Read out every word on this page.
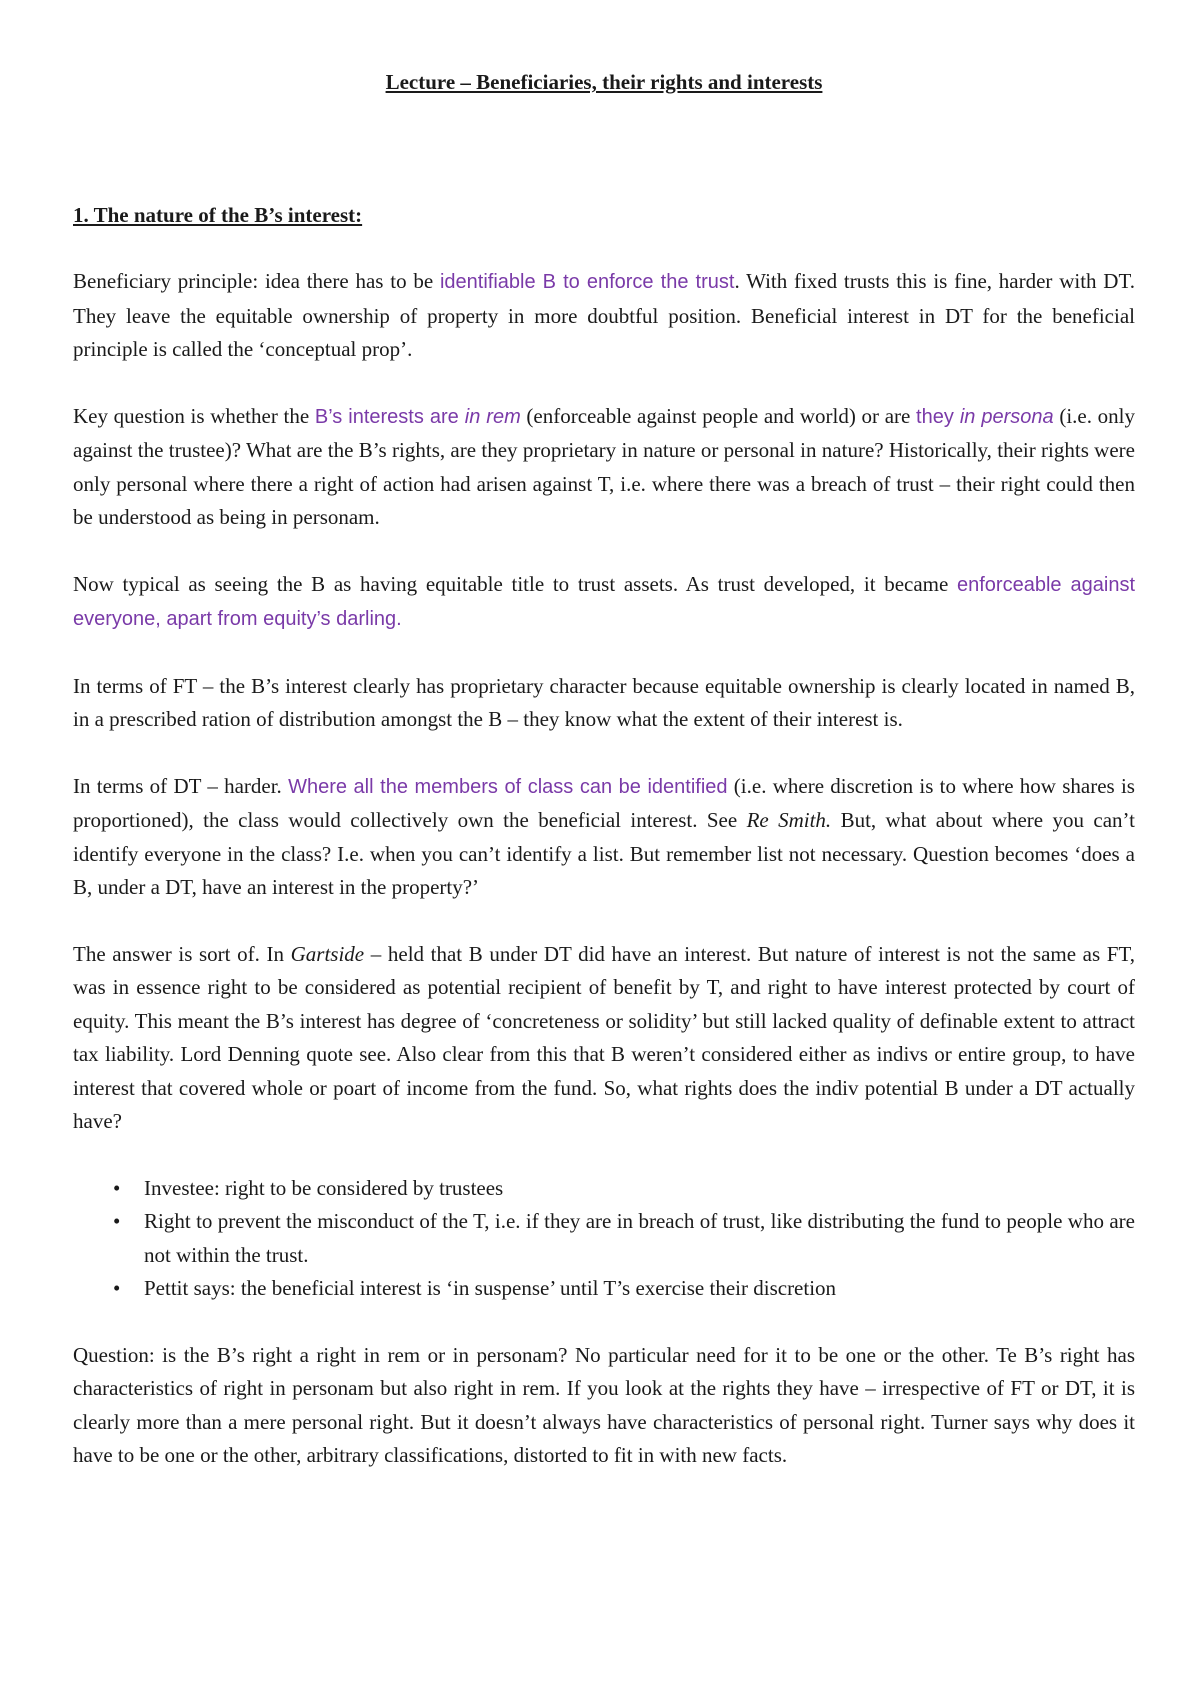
Lecture – Beneficiaries, their rights and interests
1. The nature of the B’s interest:

Beneficiary principle: idea there has to be identifiable B to enforce the trust. With fixed trusts this is fine, harder with DT. They leave the equitable ownership of property in more doubtful position. Beneficial interest in DT for the beneficial principle is called the ‘conceptual prop’.

Key question is whether the B’s interests are in rem (enforceable against people and world) or are they in persona (i.e. only against the trustee)? What are the B’s rights, are they proprietary in nature or personal in nature? Historically, their rights were only personal where there a right of action had arisen against T, i.e. where there was a breach of trust – their right could then be understood as being in personam.

Now typical as seeing the B as having equitable title to trust assets. As trust developed, it became enforceable against everyone, apart from equity’s darling.

In terms of FT – the B’s interest clearly has proprietary character because equitable ownership is clearly located in named B, in a prescribed ration of distribution amongst the B – they know what the extent of their interest is.

In terms of DT – harder. Where all the members of class can be identified (i.e. where discretion is to where how shares is proportioned), the class would collectively own the beneficial interest. See Re Smith. But, what about where you can’t identify everyone in the class? I.e. when you can’t identify a list. But remember list not necessary. Question becomes ‘does a B, under a DT, have an interest in the property?’

The answer is sort of. In Gartside – held that B under DT did have an interest. But nature of interest is not the same as FT, was in essence right to be considered as potential recipient of benefit by T, and right to have interest protected by court of equity. This meant the B’s interest has degree of ‘concreteness or solidity’ but still lacked quality of definable extent to attract tax liability. Lord Denning quote see. Also clear from this that B weren’t considered either as indivs or entire group, to have interest that covered whole or poart of income from the fund. So, what rights does the indiv potential B under a DT actually have?

• Investee: right to be considered by trustees
• Right to prevent the misconduct of the T, i.e. if they are in breach of trust, like distributing the fund to people who are not within the trust.
• Pettit says: the beneficial interest is ‘in suspense’ until T’s exercise their discretion

Question: is the B’s right a right in rem or in personam? No particular need for it to be one or the other. Te B’s right has characteristics of right in personam but also right in rem. If you look at the rights they have – irrespective of FT or DT, it is clearly more than a mere personal right. But it doesn’t always have characteristics of personal right. Turner says why does it have to be one or the other, arbitrary classifications, distorted to fit in with new facts.
